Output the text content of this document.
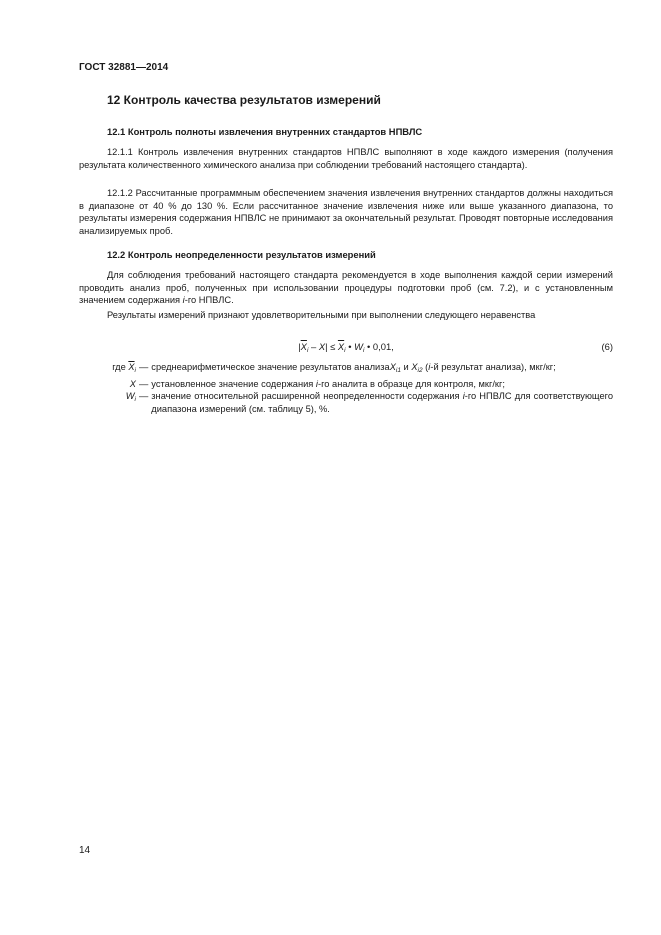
ГОСТ 32881—2014
12 Контроль качества результатов измерений
12.1 Контроль полноты извлечения внутренних стандартов НПВЛС
12.1.1 Контроль извлечения внутренних стандартов НПВЛС выполняют в ходе каждого измерения (получения результата количественного химического анализа при соблюдении требований настоящего стандарта).
12.1.2 Рассчитанные программным обеспечением значения извлечения внутренних стандартов должны находиться в диапазоне от 40 % до 130 %. Если рассчитанное значение извлечения ниже или выше указанного диапазона, то результаты измерения содержания НПВЛС не принимают за окончательный результат. Проводят повторные исследования анализируемых проб.
12.2 Контроль неопределенности результатов измерений
Для соблюдения требований настоящего стандарта рекомендуется в ходе выполнения каждой серии измерений проводить анализ проб, полученных при использовании процедуры подготовки проб (см. 7.2), и с установленным значением содержания i-го НПВЛС.
Результаты измерений признают удовлетворительными при выполнении следующего неравенства
$|\overline{X}_i - X| \le \overline{X}_i$ • $W_i$ • 0,01,	(6)
где $\overline{X}_i$ — среднеарифметическое значение результатов анализаX$_{i1}$ и $X_{i2}$ (i-й результат анализа), мкг/кг;
X — установленное значение содержания i-го аналита в образце для контроля, мкг/кг;
$W_i$ — значение относительной расширенной неопределенности содержания i-го НПВЛС для соответствующего диапазона измерений (см. таблицу 5), %.
14
